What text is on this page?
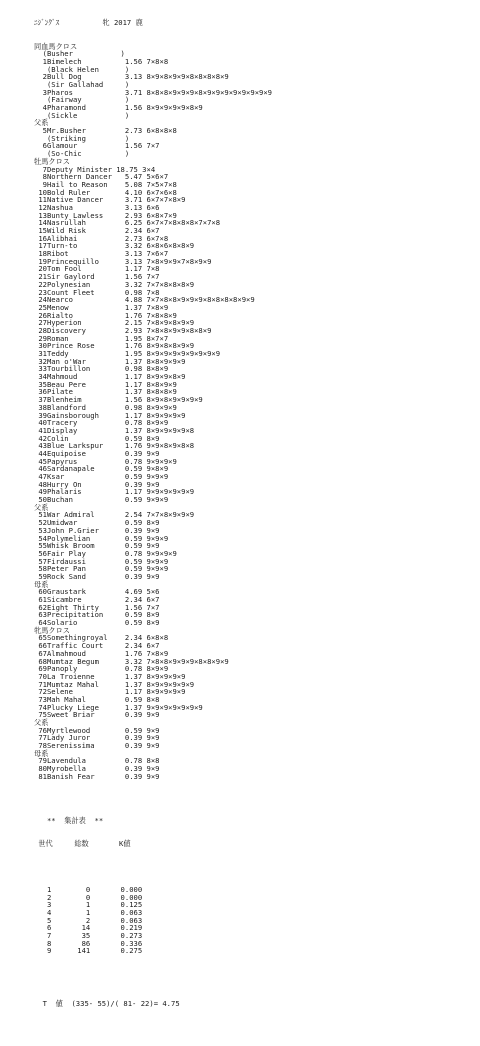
ﾆｼﾞﾝｸﾞｽ          牝 2017 鹿

同血馬クロス
(Busher           )
1Bimelech          1.56 7×8×8
(Black Helen      )
2Bull Dog          3.13 8×9×8×9×9×8×8×8×8×9
(Sir Gallahad     )
3Pharos            3.71 8×8×8×9×9×9×8×9×9×9×9×9×9×9×9
(Fairway          )
4Pharamond         1.56 8×9×9×9×9×8×9
(Sickle           )
父系
5Mr.Busher         2.73 6×8×8×8
(Striking         )
6Glamour           1.56 7×7
(So-Chic          )
牡馬クロス
7Deputy Minister 18.75 3×4
8Northern Dancer   5.47 5×6×7
9Hail to Reason    5.08 7×5×7×8
10Bold Ruler        4.10 6×7×6×8
11Native Dancer     3.71 6×7×7×8×9
12Nashua            3.13 6×6
13Bunty Lawless     2.93 6×8×7×9
14Nasrullah         6.25 6×7×7×8×8×8×7×7×8
15Wild Risk         2.34 6×7
16Alibhai           2.73 6×7×8
17Turn-to           3.32 6×8×6×8×8×9
18Ribot             3.13 7×6×7
19Princequillo      3.13 7×8×9×9×7×8×9×9
20Tom Fool          1.17 7×8
21Sir Gaylord       1.56 7×7
22Polynesian        3.32 7×7×8×8×8×9
23Count Fleet       0.98 7×8
24Nearco            4.88 7×7×8×8×9×9×9×8×8×8×8×9×9
25Menow             1.37 7×8×9
26Rialto            1.76 7×8×8×9
27Hyperion          2.15 7×8×9×8×9×9
28Discovery         2.93 7×8×8×9×9×8×8×9
29Roman             1.95 8×7×7
30Prince Rose       1.76 8×9×8×8×9×9
31Teddy             1.95 8×9×9×9×9×9×9×9×9
32Man o'War         1.37 8×8×9×9×9
33Tourbillon        0.98 8×8×9
34Mahmoud           1.17 8×9×9×8×9
35Beau Pere         1.17 8×8×9×9
36Pilate            1.37 8×8×8×9
37Blenheim          1.56 8×9×8×9×9×9×9
38Blandford         0.98 8×9×9×9
39Gainsborough      1.17 8×9×9×9×9
40Tracery           0.78 8×9×9
41Display           1.37 8×9×9×9×9×8
42Colin             0.59 8×9
43Blue Larkspur     1.76 9×9×8×9×8×8
44Equipoise         0.39 9×9
45Papyrus           0.78 9×9×9×9
46Sardanapale       0.59 9×8×9
47Ksar              0.59 9×9×9
48Hurry On          0.39 9×9
49Phalaris          1.17 9×9×9×9×9×9
50Buchan            0.59 9×9×9
父系
51War Admiral       2.54 7×7×8×9×9×9
52Umidwar           0.59 8×9
53John P.Grier      0.39 9×9
54Polymelian        0.59 9×9×9
55Whisk Broom       0.59 9×9
56Fair Play         0.78 9×9×9×9
57Firdaussi         0.59 9×9×9
58Peter Pan         0.59 9×9×9
59Rock Sand         0.39 9×9
母系
60Graustark         4.69 5×6
61Sicambre          2.34 6×7
62Eight Thirty      1.56 7×7
63Precipitation     0.59 8×9
64Solario           0.59 8×9
牝馬クロス
65Somethingroyal    2.34 6×8×8
66Traffic Court     2.34 6×7
67Almahmoud         1.76 7×8×9
68Mumtaz Begum      3.32 7×8×8×9×9×9×8×8×9×9
69Panoply           0.78 8×9×9
70La Troienne       1.37 8×9×9×9×9
71Mumtaz Mahal      1.37 8×9×9×9×9×9
72Selene            1.17 8×9×9×9×9
73Mah Mahal         0.59 8×8
74Plucky Liege      1.37 9×9×9×9×9×9×9
75Sweet Briar       0.39 9×9
父系
76Myrtlewood        0.59 9×9
77Lady Juror        0.39 9×9
78Serenissima       0.39 9×9
母系
79Lavendula         0.78 8×8
80Myrobella         0.39 9×9
81Banish Fear       0.39 9×9

**  集計表  **

世代     総数       K値

1        0       0.000
2        0       0.000
3        1       0.125
4        1       0.063
5        2       0.063
6       14       0.219
7       35       0.273
8       86       0.336
9      141       0.275

T  値  (335- 55)/( 81- 22)= 4.75
